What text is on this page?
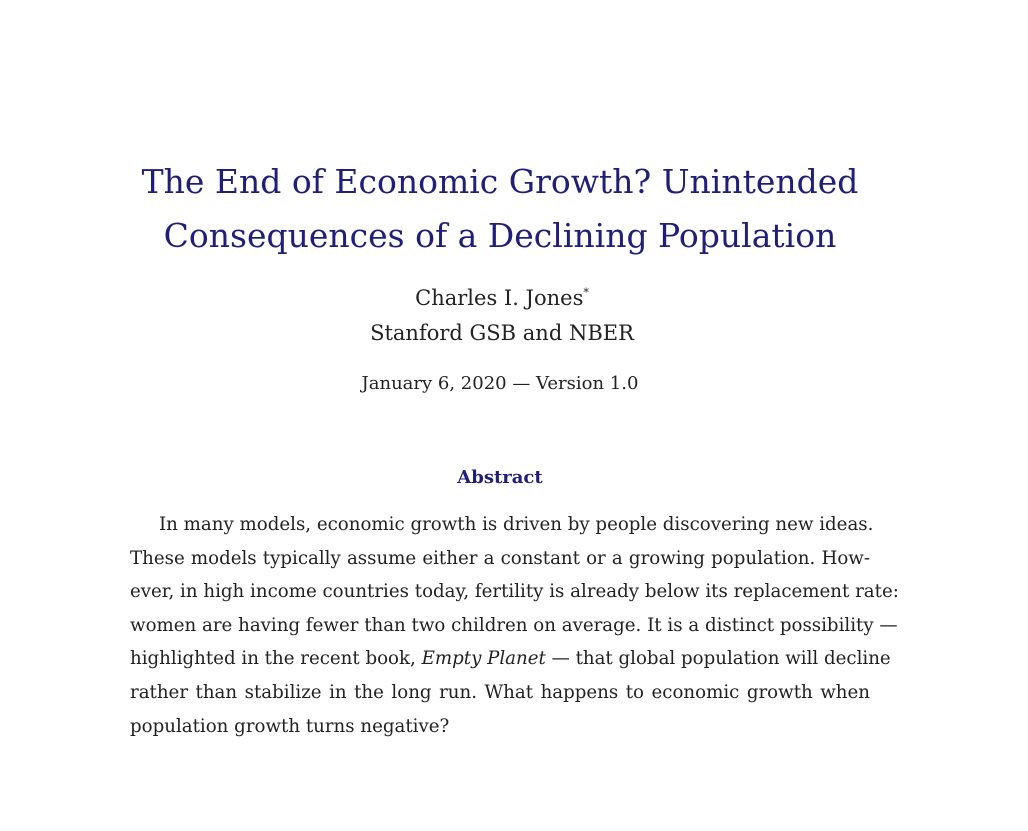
The End of Economic Growth? Unintended
Consequences of a Declining Population
Charles I. Jones*
Stanford GSB and NBER
January 6, 2020 — Version 1.0
Abstract
In many models, economic growth is driven by people discovering new ideas.
These models typically assume either a constant or a growing population. How-
ever, in high income countries today, fertility is already below its replacement rate:
women are having fewer than two children on average. It is a distinct possibility —
highlighted in the recent book, Empty Planet — that global population will decline
rather than stabilize in the long run. What happens to economic growth when
population growth turns negative?
